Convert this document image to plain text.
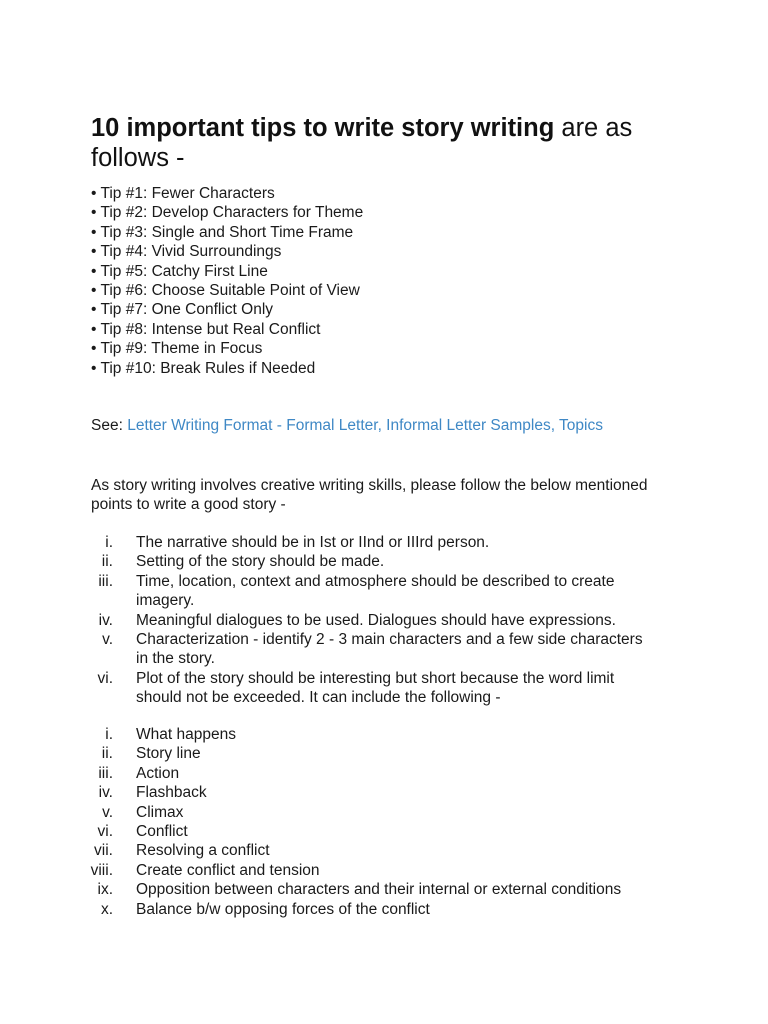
10 important tips to write story writing are as follows -
• Tip #1: Fewer Characters
• Tip #2: Develop Characters for Theme
• Tip #3: Single and Short Time Frame
• Tip #4: Vivid Surroundings
• Tip #5: Catchy First Line
• Tip #6: Choose Suitable Point of View
• Tip #7: One Conflict Only
• Tip #8: Intense but Real Conflict
• Tip #9: Theme in Focus
• Tip #10: Break Rules if Needed

See: Letter Writing Format - Formal Letter, Informal Letter Samples, Topics

As story writing involves creative writing skills, please follow the below mentioned points to write a good story -

i. The narrative should be in Ist or IInd or IIIrd person.
ii. Setting of the story should be made.
iii. Time, location, context and atmosphere should be described to create imagery.
iv. Meaningful dialogues to be used. Dialogues should have expressions.
v. Characterization - identify 2 - 3 main characters and a few side characters in the story.
vi. Plot of the story should be interesting but short because the word limit should not be exceeded. It can include the following -
i. What happens
ii. Story line
iii. Action
iv. Flashback
v. Climax
vi. Conflict
vii. Resolving a conflict
viii. Create conflict and tension
ix. Opposition between characters and their internal or external conditions
x. Balance b/w opposing forces of the conflict
